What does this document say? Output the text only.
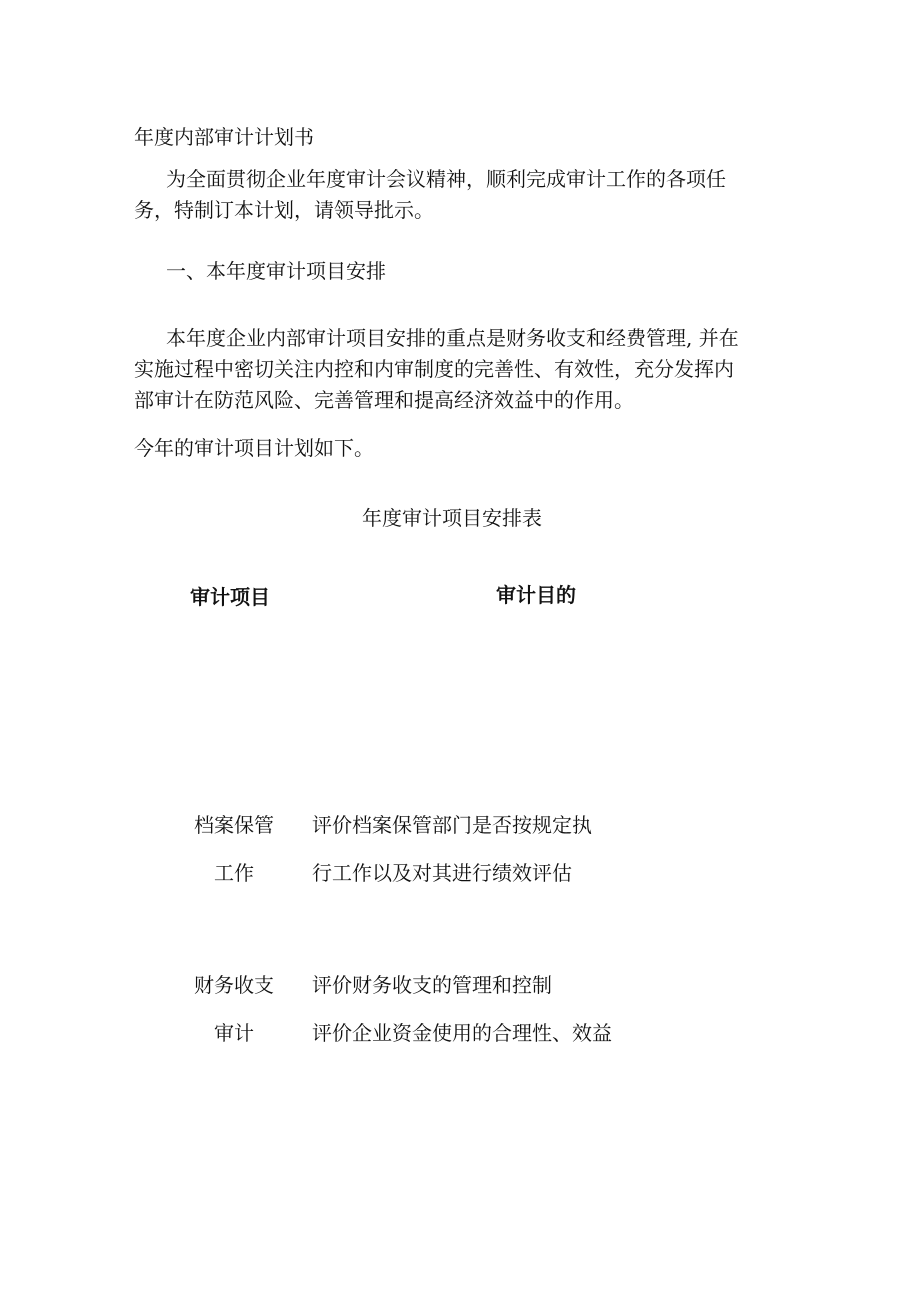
年度内部审计计划书
为全面贯彻企业年度审计会议精神，顺利完成审计工作的各项任
务，特制订本计划，请领导批示。
一、本年度审计项目安排
本年度企业内部审计项目安排的重点是财务收支和经费管理, 并在
实施过程中密切关注内控和内审制度的完善性、有效性，充分发挥内
部审计在防范风险、完善管理和提高经济效益中的作用。
今年的审计项目计划如下。
年度审计项目安排表
审计项目	审计目的
档案保管
工作
评价档案保管部门是否按规定执
行工作以及对其进行绩效评估
财务收支
审计
评价财务收支的管理和控制
评价企业资金使用的合理性、效益
